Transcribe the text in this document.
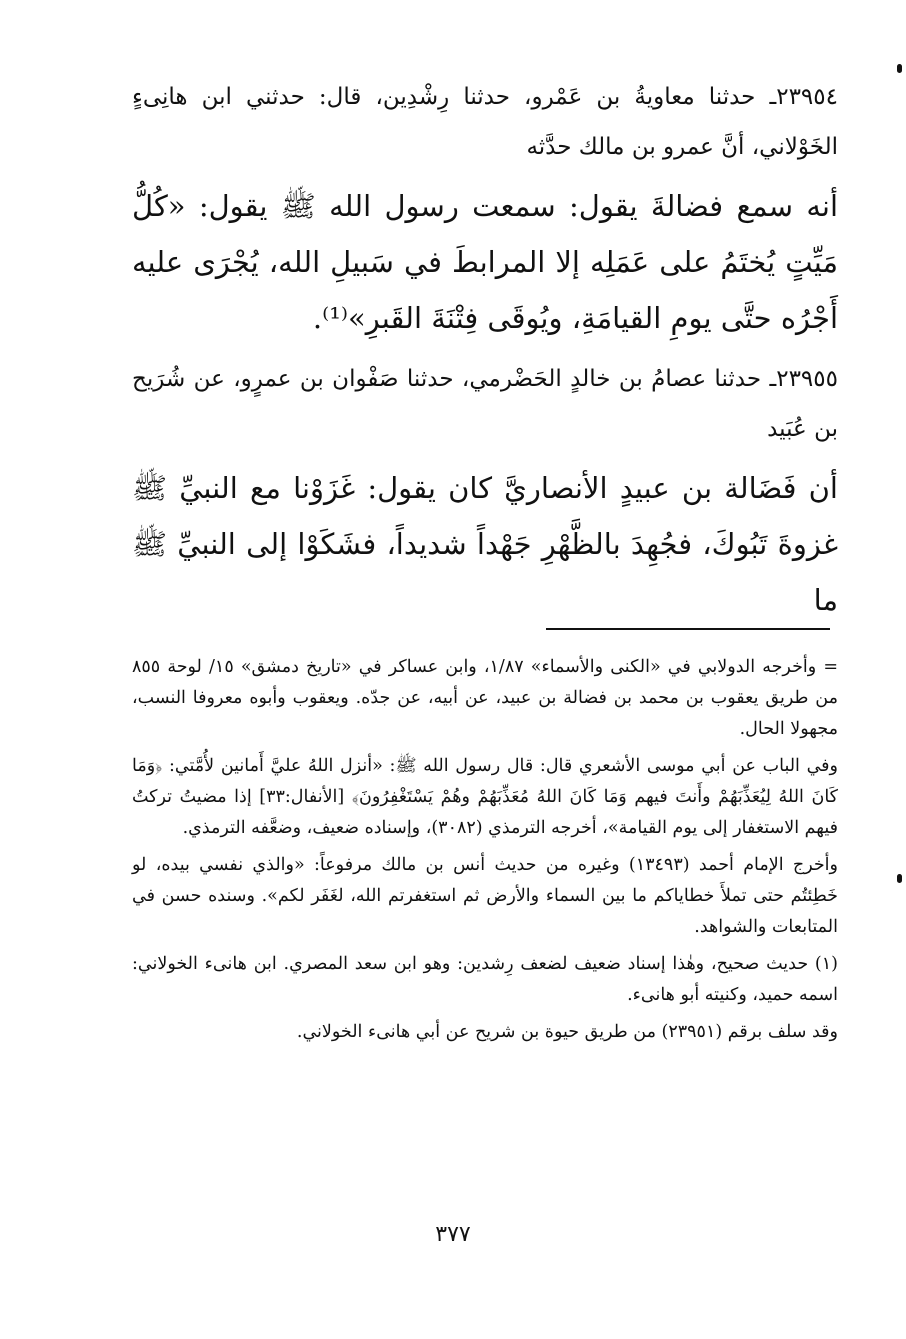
٢٣٩٥٤ـ حدثنا معاويةُ بن عَمْرو، حدثنا رِشْدِين، قال: حدثني ابن هانِىءٍ الخَوْلاني، أنَّ عمرو بن مالك حدَّثه

أنه سمع فضالةَ يقول: سمعت رسول الله ﷺ يقول: «كُلُّ مَيِّتٍ يُختَمُ على عَمَلِه إلا المرابطَ في سَبيلِ الله، يُجْرَى عليه أَجْرُه حتَّى يومِ القيامَةِ، ويُوقَى فِتْنَةَ القَبرِ»⁽¹⁾.

٢٣٩٥٥ـ حدثنا عصامُ بن خالدٍ الحَضْرمي، حدثنا صَفْوان بن عمرٍو، عن شُرَيح بن عُبَيد

أن فَضَالة بن عبيدٍ الأنصاريَّ كان يقول: غَزَوْنا مع النبيِّ ﷺ غزوةَ تَبُوكَ، فجُهِدَ بالظَّهْرِ جَهْداً شديداً، فشَكَوْا إلى النبيِّ ﷺ ما

= وأخرجه الدولابي في «الكنى والأسماء» ١/٨٧، وابن عساكر في «تاريخ دمشق» ١٥/ لوحة ٨٥٥ من طريق يعقوب بن محمد بن فضالة بن عبيد، عن أبيه، عن جدّه. ويعقوب وأبوه معروفا النسب، مجهولا الحال.

وفي الباب عن أبي موسى الأشعري قال: قال رسول الله ﷺ: «أنزل اللهُ عليَّ أَمانين لأُمَّتي: ﴿وَمَا كَانَ اللهُ لِيُعَذِّبَهُمْ وأَنتَ فيهم وَمَا كَانَ اللهُ مُعَذِّبَهُمْ وهُمْ يَسْتَغْفِرُونَ﴾ [الأنفال:٣٣] إذا مضيتُ تركتُ فيهم الاستغفار إلى يوم القيامة»، أخرجه الترمذي (٣٠٨٢)، وإسناده ضعيف، وضعَّفه الترمذي.

وأخرج الإمام أحمد (١٣٤٩٣) وغيره من حديث أنس بن مالك مرفوعاً: «والذي نفسي بيده، لو خَطِئتُم حتى تملأَ خطاياكم ما بين السماء والأرض ثم استغفرتم الله، لغَفَر لكم». وسنده حسن في المتابعات والشواهد.

(١) حديث صحيح، وهٰذا إسناد ضعيف لضعف رِشدين: وهو ابن سعد المصري. ابن هانىء الخولاني: اسمه حميد، وكنيته أبو هانىء.

وقد سلف برقم (٢٣٩٥١) من طريق حيوة بن شريح عن أبي هانىء الخولاني.

٣٧٧
